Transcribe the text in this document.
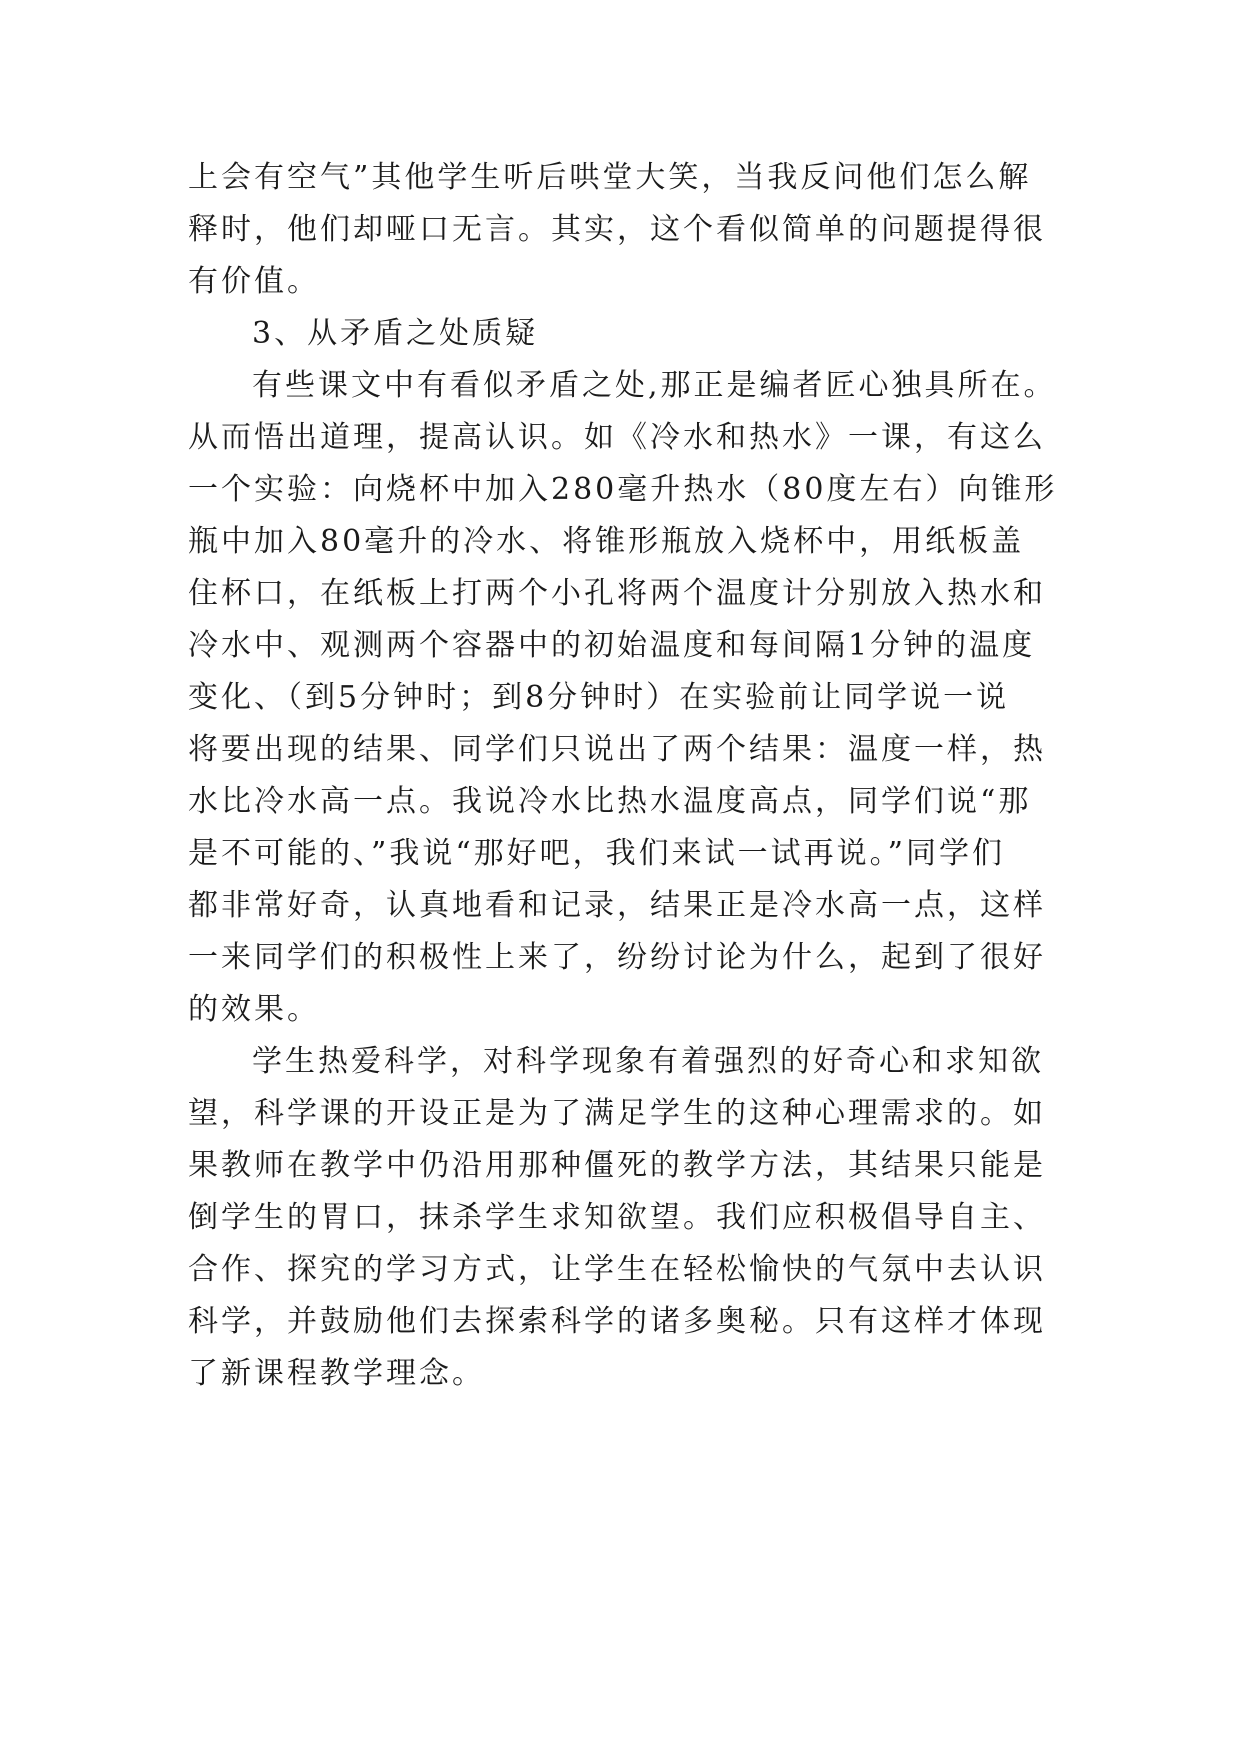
上会有空气”其他学生听后哄堂大笑，当我反问他们怎么解
释时，他们却哑口无言。其实，这个看似简单的问题提得很
有价值。
3、从矛盾之处质疑
有些课文中有看似矛盾之处,那正是编者匠心独具所在。
从而悟出道理，提高认识。如《冷水和热水》一课，有这么
一个实验：向烧杯中加入280毫升热水（80度左右）向锥形
瓶中加入80毫升的冷水、将锥形瓶放入烧杯中，用纸板盖
住杯口，在纸板上打两个小孔将两个温度计分别放入热水和
冷水中、观测两个容器中的初始温度和每间隔1分钟的温度
变化、（到5分钟时；到8分钟时）在实验前让同学说一说
将要出现的结果、同学们只说出了两个结果：温度一样，热
水比冷水高一点。我说冷水比热水温度高点，同学们说“那
是不可能的、”我说“那好吧，我们来试一试再说。”同学们
都非常好奇，认真地看和记录，结果正是冷水高一点，这样
一来同学们的积极性上来了，纷纷讨论为什么，起到了很好
的效果。
学生热爱科学，对科学现象有着强烈的好奇心和求知欲
望，科学课的开设正是为了满足学生的这种心理需求的。如
果教师在教学中仍沿用那种僵死的教学方法，其结果只能是
倒学生的胃口，抹杀学生求知欲望。我们应积极倡导自主、
合作、探究的学习方式，让学生在轻松愉快的气氛中去认识
科学，并鼓励他们去探索科学的诸多奥秘。只有这样才体现
了新课程教学理念。
